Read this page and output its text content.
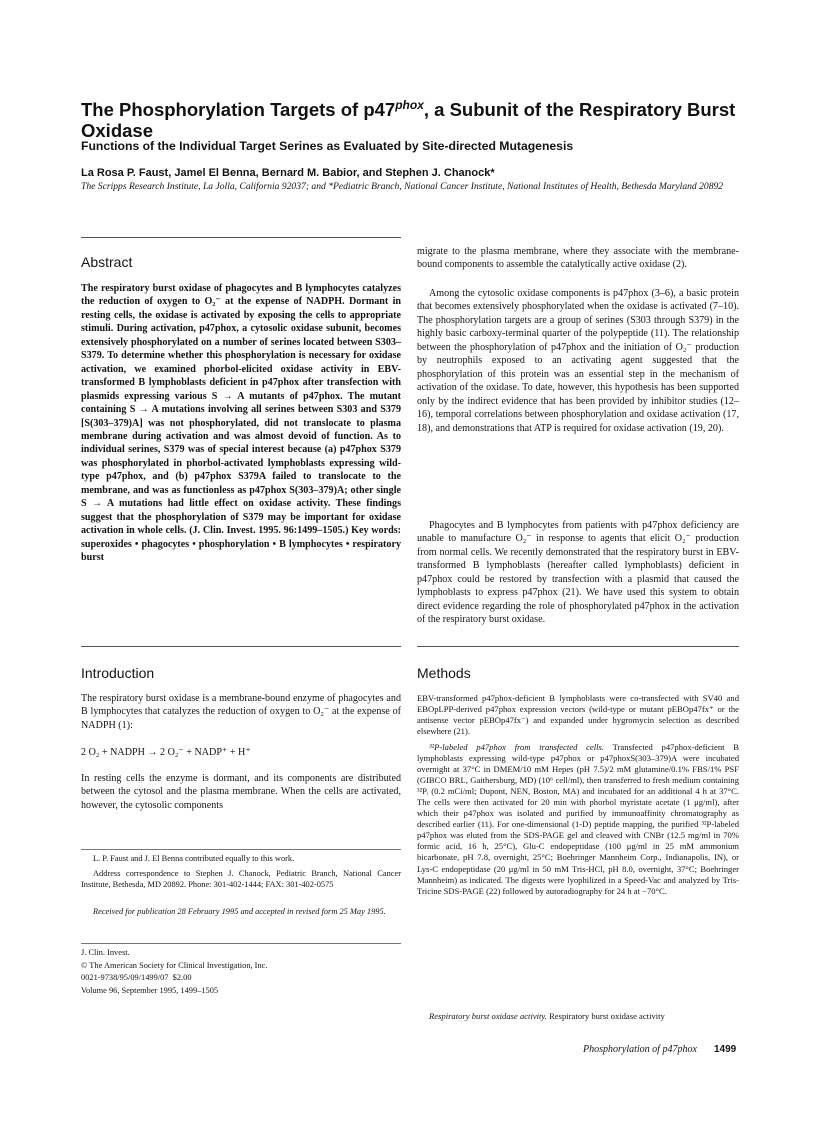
The Phosphorylation Targets of $p47^{phox}$, a Subunit of the Respiratory Burst Oxidase
Functions of the Individual Target Serines as Evaluated by Site-directed Mutagenesis
La Rosa P. Faust, Jamel El Benna, Bernard M. Babior, and Stephen J. Chanock*
The Scripps Research Institute, La Jolla, California 92037; and *Pediatric Branch, National Cancer Institute, National Institutes of Health, Bethesda Maryland 20892
Abstract

The respiratory burst oxidase of phagocytes and B lymphocytes catalyzes the reduction of oxygen to O₂⁻ at the expense of NADPH. Dormant in resting cells, the oxidase is activated by exposing the cells to appropriate stimuli. During activation, p47phox, a cytosolic oxidase subunit, becomes extensively phosphorylated on a number of serines located between S303–S379. To determine whether this phosphorylation is necessary for oxidase activation, we examined phorbol-elicited oxidase activity in EBV-transformed B lymphoblasts deficient in p47phox after transfection with plasmids expressing various S → A mutants of p47phox. The mutant containing S → A mutations involving all serines between S303 and S379 [S(303–379)A] was not phosphorylated, did not translocate to plasma membrane during activation and was almost devoid of function. As to individual serines, S379 was of special interest because (a) p47phox S379 was phosphorylated in phorbol-activated lymphoblasts expressing wild-type p47phox, and (b) p47phox S379A failed to translocate to the membrane, and was as functionless as p47phox S(303–379)A; other single S → A mutations had little effect on oxidase activity. These findings suggest that the phosphorylation of S379 may be important for oxidase activation in whole cells. (J. Clin. Invest. 1995. 96:1499–1505.) Key words: superoxides • phagocytes • phosphorylation • B lymphocytes • respiratory burst

Introduction

The respiratory burst oxidase is a membrane-bound enzyme of phagocytes and B lymphocytes that catalyzes the reduction of oxygen to O₂⁻ at the expense of NADPH (1):

2 O₂ + NADPH → 2 O₂⁻ + NADP⁺ + H⁺

In resting cells the enzyme is dormant, and its components are distributed between the cytosol and the plasma membrane. When the cells are activated, however, the cytosolic components

L. P. Faust and J. El Benna contributed equally to this work.
Address correspondence to Stephen J. Chanock, Pediatric Branch, National Cancer Institute, Bethesda, MD 20892. Phone: 301-402-1444; FAX: 301-402-0575
Received for publication 28 February 1995 and accepted in revised form 25 May 1995.
J. Clin. Invest.
© The American Society for Clinical Investigation, Inc.
0021-9738/95/09/1499/07  $2.00
Volume 96, September 1995, 1499–1505

migrate to the plasma membrane, where they associate with the membrane-bound components to assemble the catalytically active oxidase (2).

Among the cytosolic oxidase components is p47phox (3–6), a basic protein that becomes extensively phosphorylated when the oxidase is activated (7–10). The phosphorylation targets are a group of serines (S303 through S379) in the highly basic carboxy-terminal quarter of the polypeptide (11). The relationship between the phosphorylation of p47phox and the initiation of O₂⁻ production by neutrophils exposed to an activating agent suggested that the phosphorylation of this protein was an essential step in the mechanism of activation of the oxidase. To date, however, this hypothesis has been supported only by the indirect evidence that has been provided by inhibitor studies (12–16), temporal correlations between phosphorylation and oxidase activation (17, 18), and demonstrations that ATP is required for oxidase activation (19, 20).

Phagocytes and B lymphocytes from patients with p47phox deficiency are unable to manufacture O₂⁻ in response to agents that elicit O₂⁻ production from normal cells. We recently demonstrated that the respiratory burst in EBV-transformed B lymphoblasts (hereafter called lymphoblasts) deficient in p47phox could be restored by transfection with a plasmid that caused the lymphoblasts to express p47phox (21). We have used this system to obtain direct evidence regarding the role of phosphorylated p47phox in the activation of the respiratory burst oxidase.

Methods

EBV-transformed p47phox-deficient B lymphoblasts were co-transfected with SV40 and EBOpLPP-derived p47phox expression vectors (wild-type or mutant pEBOp47fx⁺ or the antisense vector pEBOp47fx⁻) and expanded under hygromycin selection as described elsewhere (21).

³²P-labeled p47phox from transfected cells. Transfected p47phox-deficient B lymphoblasts expressing wild-type p47phox or p47phoxS(303–379)A were incubated overnight at 37°C in DMEM/10 mM Hepes (pH 7.5)/2 mM glutamine/0.1% FBS/1% PSF (GIBCO BRL, Gaithersburg, MD) (10⁶ cell/ml), then transferred to fresh medium containing ³²Pᵢ (0.2 mCi/ml; Dupont, NEN, Boston, MA) and incubated for an additional 4 h at 37°C. The cells were then activated for 20 min with phorbol myristate acetate (1 μg/ml), after which their p47phox was isolated and purified by immunoaffinity chromatography as described earlier (11). For one-dimensional (1-D) peptide mapping, the purified ³²P-labeled p47phox was eluted from the SDS-PAGE gel and cleaved with CNBr (12.5 mg/ml in 70% formic acid, 16 h, 25°C), Glu-C endopeptidase (100 μg/ml in 25 mM ammonium bicarbonate, pH 7.8, overnight, 25°C; Boehringer Mannheim Corp., Indianapolis, IN), or Lys-C endopeptidase (20 μg/ml in 50 mM Tris-HCl, pH 8.0, overnight, 37°C; Boehringer Mannheim) as indicated. The digests were lyophilized in a Speed-Vac and analyzed by Tris-Tricine SDS-PAGE (22) followed by autoradiography for 24 h at −70°C.

Respiratory burst oxidase activity. Respiratory burst oxidase activity

Phosphorylation of p47phox 1499
